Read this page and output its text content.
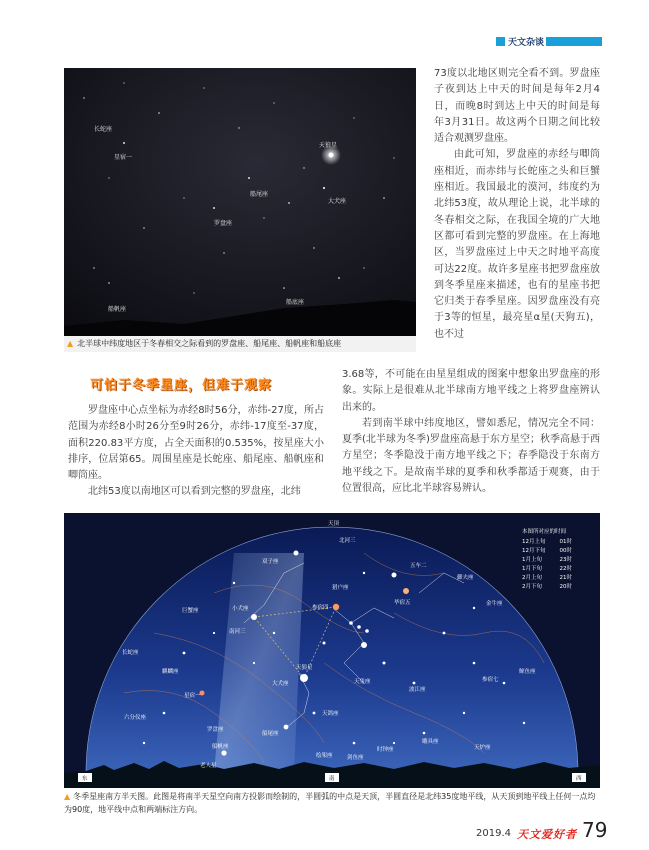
天文杂谈
长蛇座
星宿一
天狼星
船尾座
大犬座
罗盘座
船帆座
船底座
▲ 北半球中纬度地区于冬春相交之际看到的罗盘座、船尾座、船帆座和船底座

73度以北地区则完全看不到。罗盘座子夜到达上中天的时间是每年2月4日，而晚8时到达上中天的时间是每年3月31日。故这两个日期之间比较适合观测罗盘座。

由此可知，罗盘座的赤经与唧筒座相近，而赤纬与长蛇座之头和巨蟹座相近。我国最北的漠河，纬度约为北纬53度，故从理论上说，北半球的冬春相交之际，在我国全境的广大地区都可看到完整的罗盘座。在上海地区，当罗盘座过上中天之时地平高度可达22度。故许多星座书把罗盘座放到冬季星座来描述，也有的星座书把它归类于春季星座。因罗盘座没有亮于3等的恒星，最亮星α星(天狗五)，也不过

可怕于冬季星座，但难于观察

3.68等，不可能在由星星组成的图案中想象出罗盘座的形象。实际上是很难从北半球南方地平线之上将罗盘座辨认出来的。

若到南半球中纬度地区，譬如悉尼，情况完全不同：夏季(北半球为冬季)罗盘座高悬于东方星空；秋季高悬于西方星空；冬季隐没于南方地平线之下；春季隐没于东南方地平线之下。是故南半球的夏季和秋季都适于观赛，由于位置很高，应比北半球容易辨认。

罗盘座中心点坐标为赤经8时56分，赤纬-27度，所占范围为赤经8小时26分至9时26分，赤纬-17度至-37度，面积220.83平方度，占全天面积的0.535%，按星座大小排序，位居第65。周围星座是长蛇座、船尾座、船帆座和唧筒座。

北纬53度以南地区可以看到完整的罗盘座，北纬

天顶
北河三
双子座
五车二
御夫座
巨蟹座	小犬座	参宿四
猎户座
毕宿五	金牛座
南河三
长蛇座
天狼星
大犬座
麒麟座
天兔座
鲸鱼座
参宿七
星宿一
波江座
六分仪座
天鸽座
罗盘座
船尾座
天炉座
船帆座
绘架座
时钟座
雕具座
剑鱼座
老人星
东	南	西
本图所对应的时间
12月上旬	01时
12月下旬	00时
1月上旬	23时
1月下旬	22时
2月上旬	21时
2月下旬	20时
▲ 冬季星座南方半天图。此图是将南半天星空向南方投影而绘制的，半圆弧的中点是天顶，半圆直径是北纬35度地平线，从天顶到地平线上任何一点均为90度，地平线中点和两端标注方向。
2019.4 天文爱好者 79
